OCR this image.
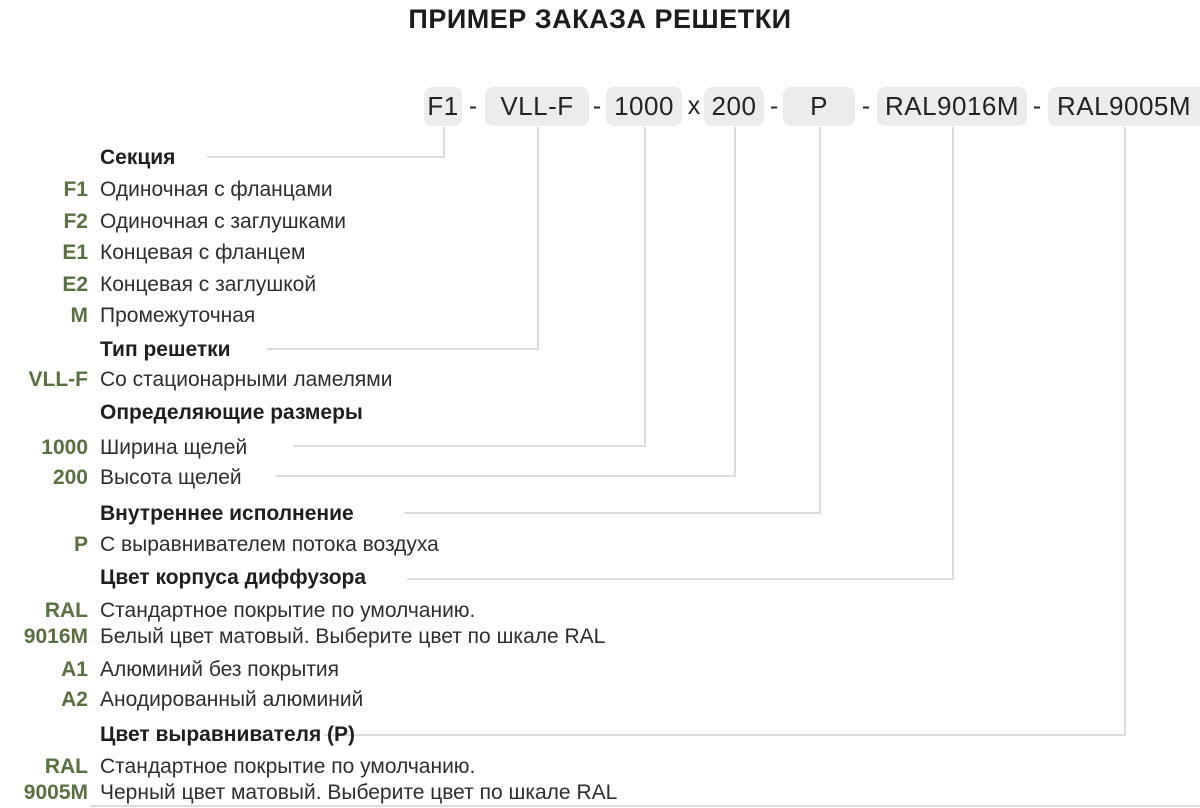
ПРИМЕР ЗАКАЗА РЕШЕТКИ
F1 - VLL-F - 1000 x 200 -	P	- RAL9016M - RAL9005M
Секция
F1 Одиночная с фланцами
F2 Одиночная с заглушками
E1 Концевая с фланцем
E2 Концевая с заглушкой
M Промежуточная
Тип решетки
VLL-F Со стационарными ламелями
Определяющие размеры
1000 Ширина щелей
200 Высота щелей
Внутреннее исполнение
P С выравнивателем потока воздуха
Цвет корпуса диффузора
RAL Стандартное покрытие по умолчанию.
9016M Белый цвет матовый. Выберите цвет по шкале RAL
A1 Алюминий без покрытия
A2 Анодированный алюминий
Цвет выравнивателя (P)
RAL Стандартное покрытие по умолчанию.
9005M Черный цвет матовый. Выберите цвет по шкале RAL
